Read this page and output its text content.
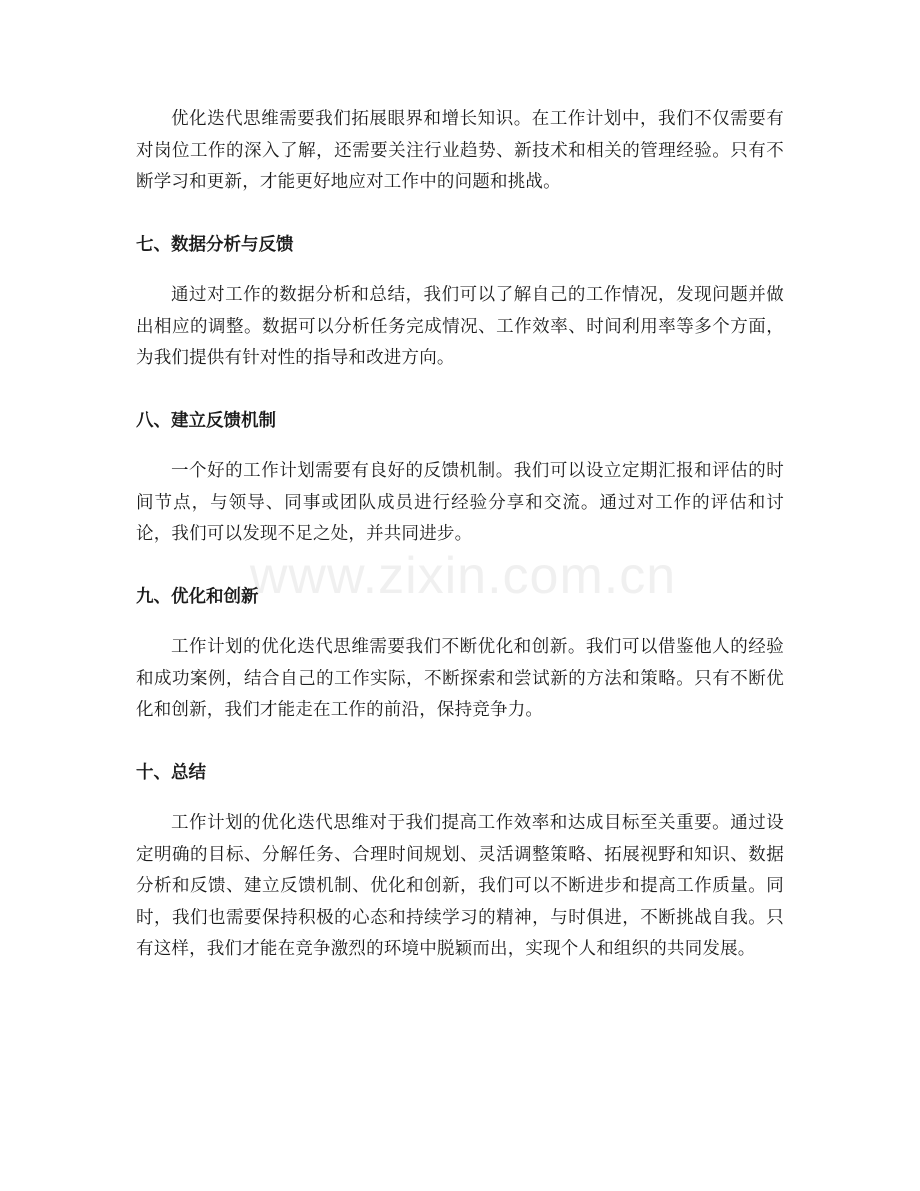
优化迭代思维需要我们拓展眼界和增长知识。在工作计划中，我们不仅需要有对岗位工作的深入了解，还需要关注行业趋势、新技术和相关的管理经验。只有不断学习和更新，才能更好地应对工作中的问题和挑战。

七、数据分析与反馈

通过对工作的数据分析和总结，我们可以了解自己的工作情况，发现问题并做出相应的调整。数据可以分析任务完成情况、工作效率、时间利用率等多个方面，为我们提供有针对性的指导和改进方向。

八、建立反馈机制

一个好的工作计划需要有良好的反馈机制。我们可以设立定期汇报和评估的时间节点，与领导、同事或团队成员进行经验分享和交流。通过对工作的评估和讨论，我们可以发现不足之处，并共同进步。

九、优化和创新

工作计划的优化迭代思维需要我们不断优化和创新。我们可以借鉴他人的经验和成功案例，结合自己的工作实际，不断探索和尝试新的方法和策略。只有不断优化和创新，我们才能走在工作的前沿，保持竞争力。

十、总结

工作计划的优化迭代思维对于我们提高工作效率和达成目标至关重要。通过设定明确的目标、分解任务、合理时间规划、灵活调整策略、拓展视野和知识、数据分析和反馈、建立反馈机制、优化和创新，我们可以不断进步和提高工作质量。同时，我们也需要保持积极的心态和持续学习的精神，与时俱进，不断挑战自我。只有这样，我们才能在竞争激烈的环境中脱颖而出，实现个人和组织的共同发展。

www.zixin.com.cn
